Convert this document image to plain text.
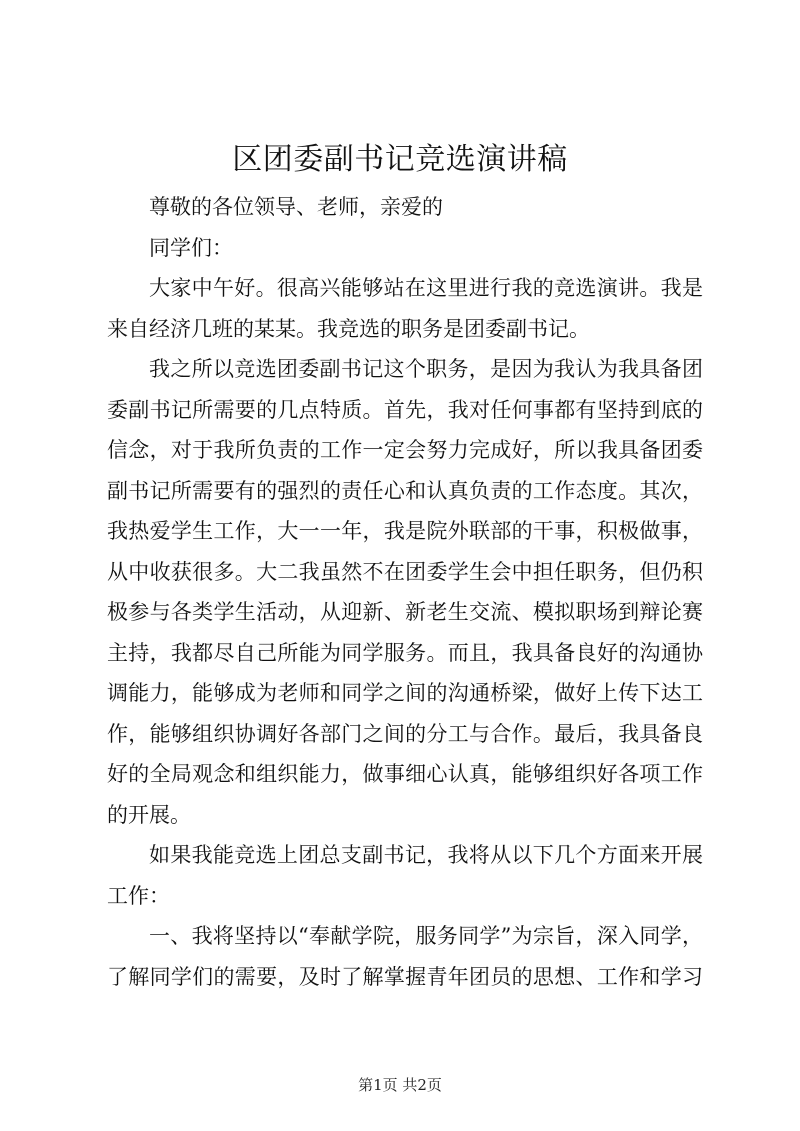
区团委副书记竞选演讲稿
尊敬的各位领导、老师，亲爱的
同学们：
大家中午好。很高兴能够站在这里进行我的竞选演讲。我是
来自经济几班的某某。我竞选的职务是团委副书记。
我之所以竞选团委副书记这个职务，是因为我认为我具备团
委副书记所需要的几点特质。首先，我对任何事都有坚持到底的
信念，对于我所负责的工作一定会努力完成好，所以我具备团委
副书记所需要有的强烈的责任心和认真负责的工作态度。其次，
我热爱学生工作，大一一年，我是院外联部的干事，积极做事，
从中收获很多。大二我虽然不在团委学生会中担任职务，但仍积
极参与各类学生活动，从迎新、新老生交流、模拟职场到辩论赛
主持，我都尽自己所能为同学服务。而且，我具备良好的沟通协
调能力，能够成为老师和同学之间的沟通桥梁，做好上传下达工
作，能够组织协调好各部门之间的分工与合作。最后，我具备良
好的全局观念和组织能力，做事细心认真，能够组织好各项工作
的开展。
如果我能竞选上团总支副书记，我将从以下几个方面来开展
工作：
一、我将坚持以“奉献学院，服务同学”为宗旨，深入同学，
了解同学们的需要，及时了解掌握青年团员的思想、工作和学习
第1页 共2页
